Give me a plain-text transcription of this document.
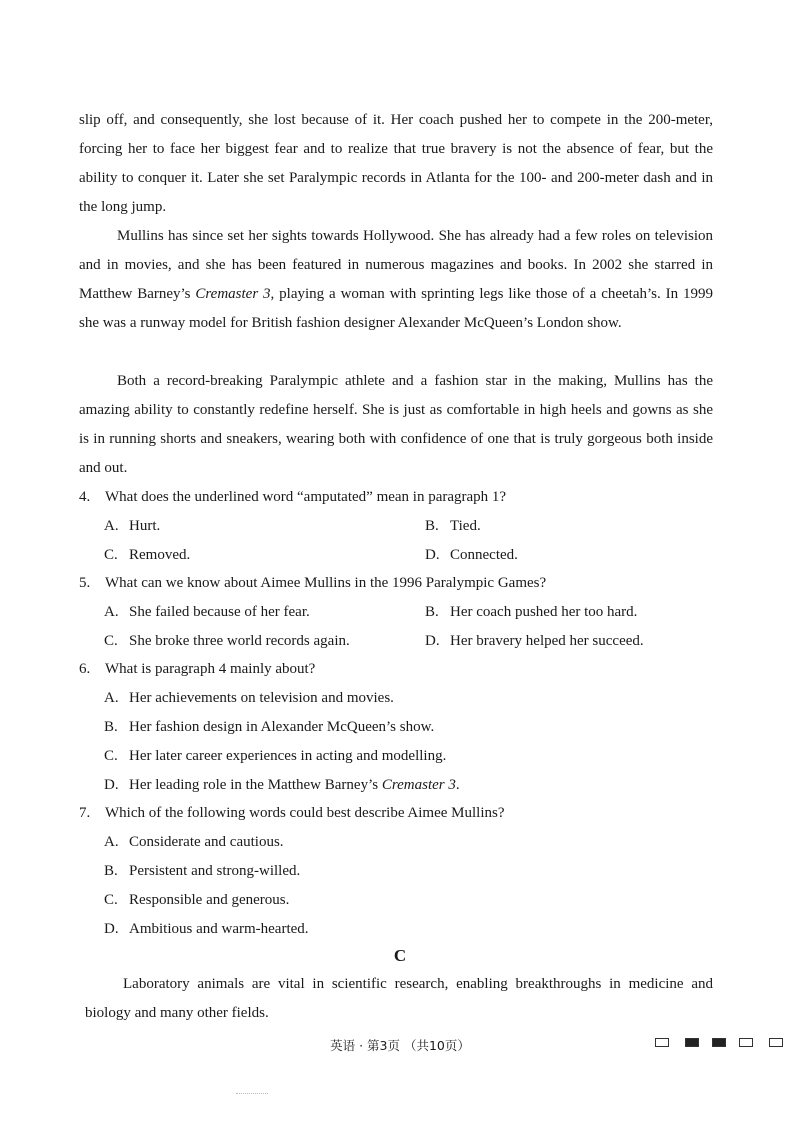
slip off, and consequently, she lost because of it. Her coach pushed her to compete in the 200-meter, forcing her to face her biggest fear and to realize that true bravery is not the absence of fear, but the ability to conquer it. Later she set Paralympic records in Atlanta for the 100- and 200-meter dash and in the long jump.

Mullins has since set her sights towards Hollywood. She has already had a few roles on television and in movies, and she has been featured in numerous magazines and books. In 2002 she starred in Matthew Barney’s Cremaster 3, playing a woman with sprinting legs like those of a cheetah’s. In 1999 she was a runway model for British fashion designer Alexander McQueen’s London show.

Both a record-breaking Paralympic athlete and a fashion star in the making, Mullins has the amazing ability to constantly redefine herself. She is just as comfortable in high heels and gowns as she is in running shorts and sneakers, wearing both with confidence of one that is truly gorgeous both inside and out.

4. What does the underlined word “amputated” mean in paragraph 1?

A. Hurt.	B. Tied.

C. Removed.	D. Connected.

5. What can we know about Aimee Mullins in the 1996 Paralympic Games?

A. She failed because of her fear.	B. Her coach pushed her too hard.

C. She broke three world records again.	D. Her bravery helped her succeed.

6. What is paragraph 4 mainly about?

A. Her achievements on television and movies.

B. Her fashion design in Alexander McQueen’s show.

C. Her later career experiences in acting and modelling.

D. Her leading role in the Matthew Barney’s Cremaster 3.

7. Which of the following words could best describe Aimee Mullins?

A. Considerate and cautious.

B. Persistent and strong-willed.

C. Responsible and generous.

D. Ambitious and warm-hearted.

C

Laboratory animals are vital in scientific research, enabling breakthroughs in medicine and biology and many other fields.

英语 · 第3页 （共10页）
